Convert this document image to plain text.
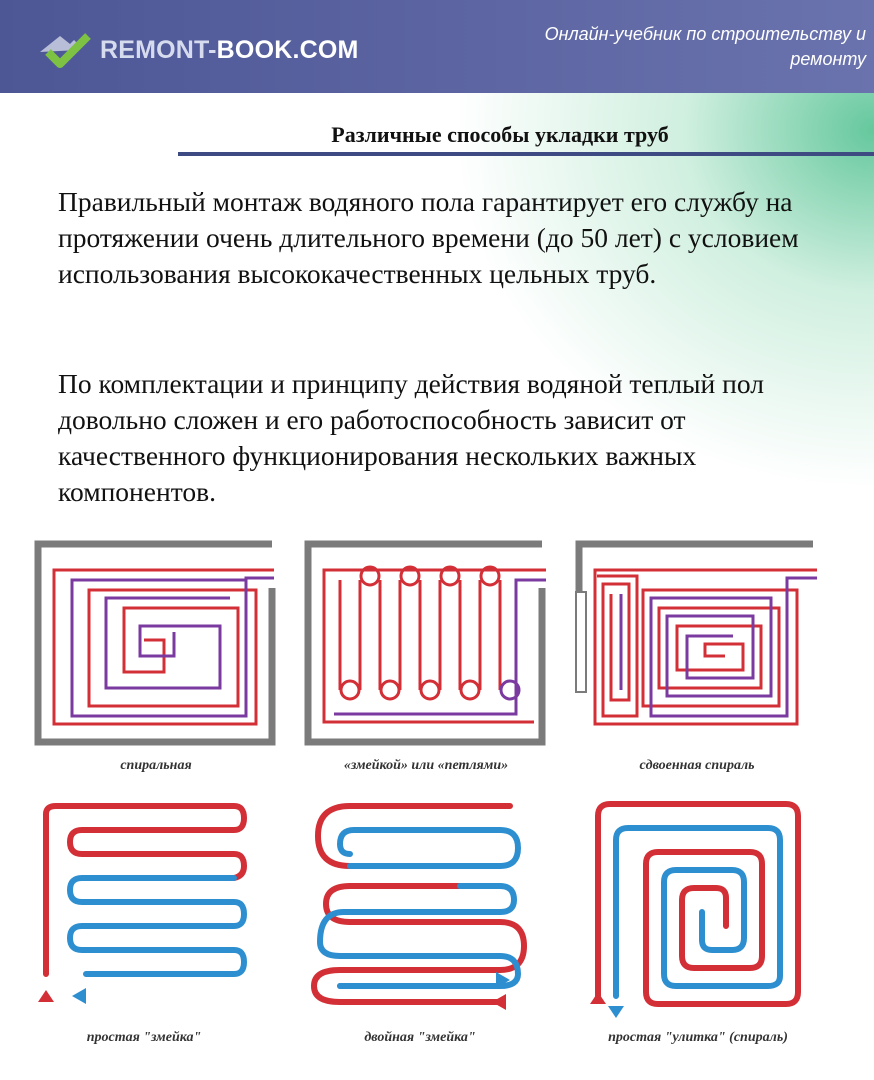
REMONT-BOOK.COM
Онлайн-учебник по строительству и ремонту
Различные способы укладки труб

Правильный монтаж водяного пола гарантирует его службу на протяжении очень длительного времени (до 50 лет) с условием использования высококачественных цельных труб.

По комплектации и принципу действия водяной теплый пол довольно сложен и его работоспособность зависит от качественного функционирования нескольких важных компонентов.

спиральная	«змейкой» или «петлями»	сдвоенная спираль
простая "змейка"	двойная "змейка"	простая "улитка" (спираль)
